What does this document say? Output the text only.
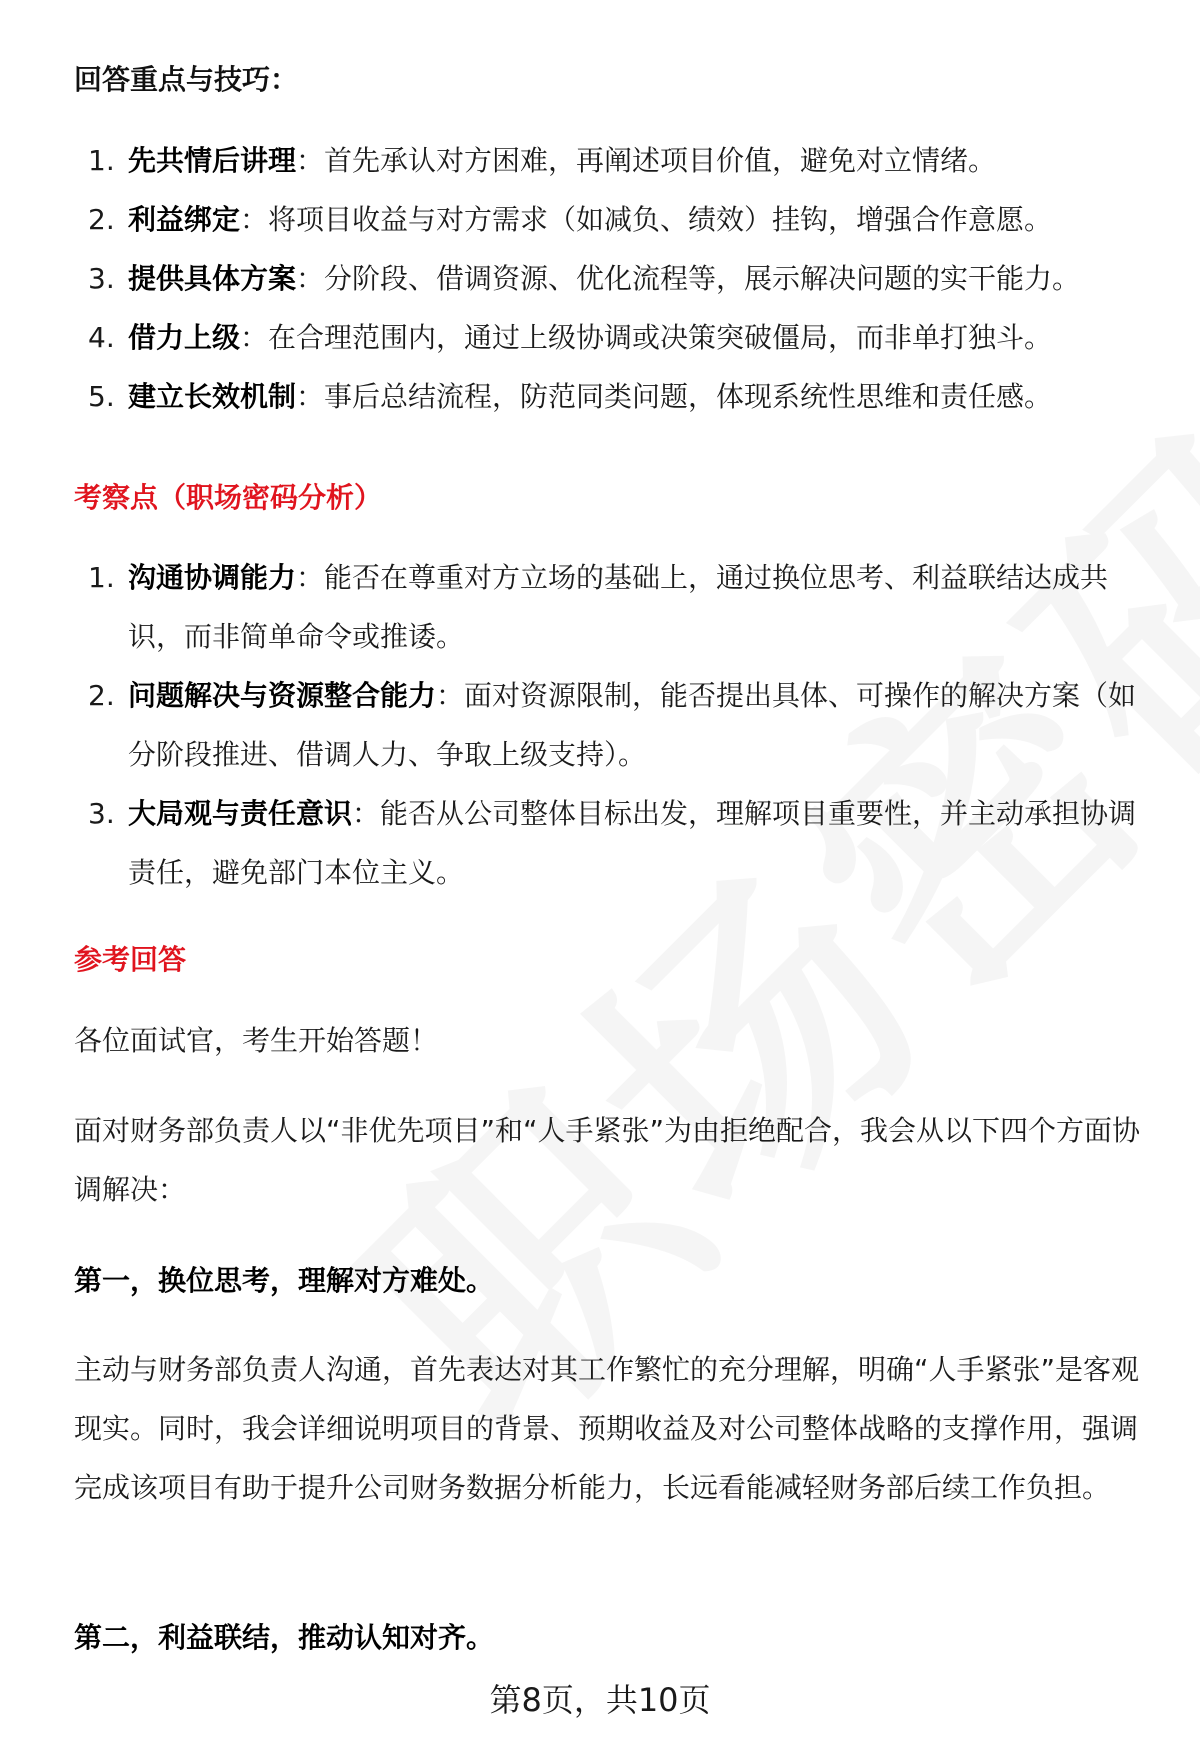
回答重点与技巧：
1. 先共情后讲理：首先承认对方困难，再阐述项目价值，避免对立情绪。
2. 利益绑定：将项目收益与对方需求（如减负、绩效）挂钩，增强合作意愿。
3. 提供具体方案：分阶段、借调资源、优化流程等，展示解决问题的实干能力。
4. 借力上级：在合理范围内，通过上级协调或决策突破僵局，而非单打独斗。
5. 建立长效机制：事后总结流程，防范同类问题，体现系统性思维和责任感。
考察点（职场密码分析）
1. 沟通协调能力：能否在尊重对方立场的基础上，通过换位思考、利益联结达成共识，而非简单命令或推诿。
2. 问题解决与资源整合能力：面对资源限制，能否提出具体、可操作的解决方案（如分阶段推进、借调人力、争取上级支持）。
3. 大局观与责任意识：能否从公司整体目标出发，理解项目重要性，并主动承担协调责任，避免部门本位主义。
参考回答

各位面试官，考生开始答题！

面对财务部负责人以“非优先项目”和“人手紧张”为由拒绝配合，我会从以下四个方面协调解决：

第一，换位思考，理解对方难处。

主动与财务部负责人沟通，首先表达对其工作繁忙的充分理解，明确“人手紧张”是客观现实。同时，我会详细说明项目的背景、预期收益及对公司整体战略的支撑作用，强调完成该项目有助于提升公司财务数据分析能力，长远看能减轻财务部后续工作负担。

第二，利益联结，推动认知对齐。

第8页，共10页
